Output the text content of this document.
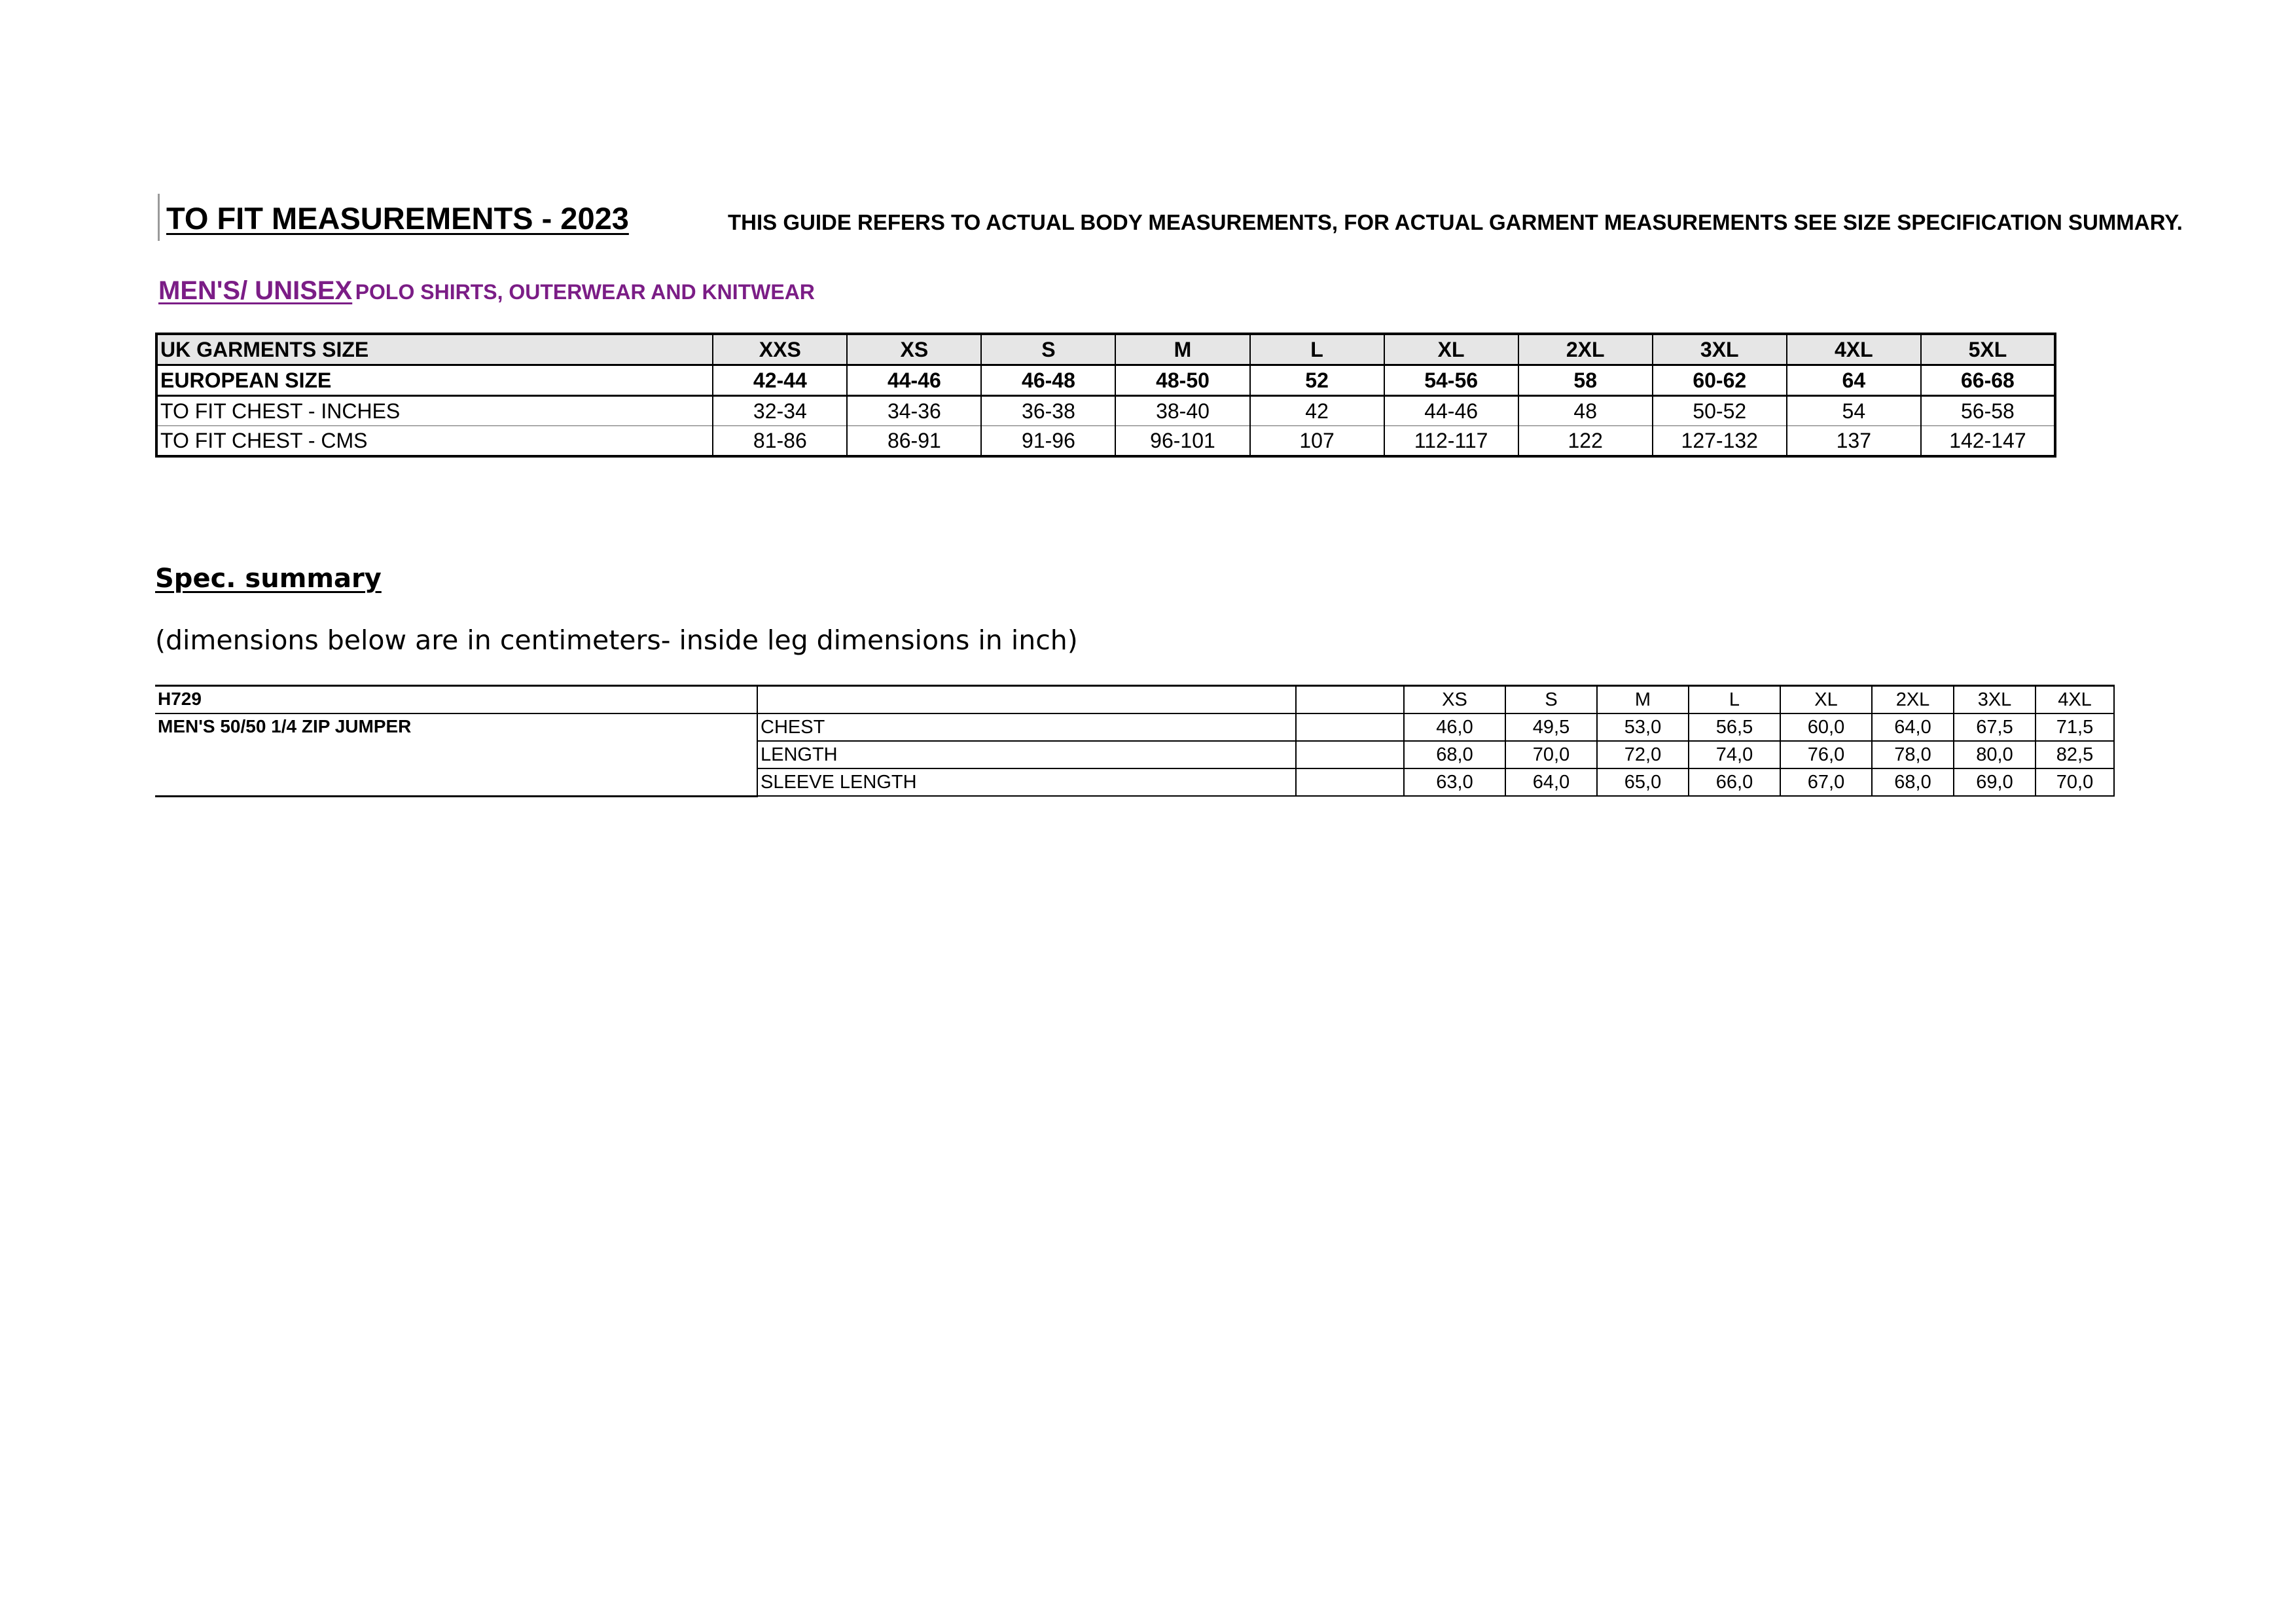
TO FIT MEASUREMENTS - 2023	THIS GUIDE REFERS TO ACTUAL BODY MEASUREMENTS, FOR ACTUAL GARMENT MEASUREMENTS SEE SIZE SPECIFICATION SUMMARY.
MEN'S/ UNISEX POLO SHIRTS, OUTERWEAR AND KNITWEAR
UK GARMENTS SIZE	XXS	XS	S	M	L	XL	2XL	3XL	4XL	5XL
EUROPEAN SIZE	42-44	44-46	46-48	48-50	52	54-56	58	60-62	64	66-68
TO FIT CHEST - INCHES	32-34	34-36	36-38	38-40	42	44-46	48	50-52	54	56-58
TO FIT CHEST - CMS	81-86	86-91	91-96	96-101	107	112-117	122	127-132	137	142-147
Spec. summary
(dimensions below are in centimeters- inside leg dimensions in inch)
H729			XS	S	M	L	XL	2XL	3XL	4XL
MEN'S 50/50 1/4 ZIP JUMPER	CHEST		46,0	49,5	53,0	56,5	60,0	64,0	67,5	71,5
	LENGTH		68,0	70,0	72,0	74,0	76,0	78,0	80,0	82,5
	SLEEVE LENGTH		63,0	64,0	65,0	66,0	67,0	68,0	69,0	70,0
